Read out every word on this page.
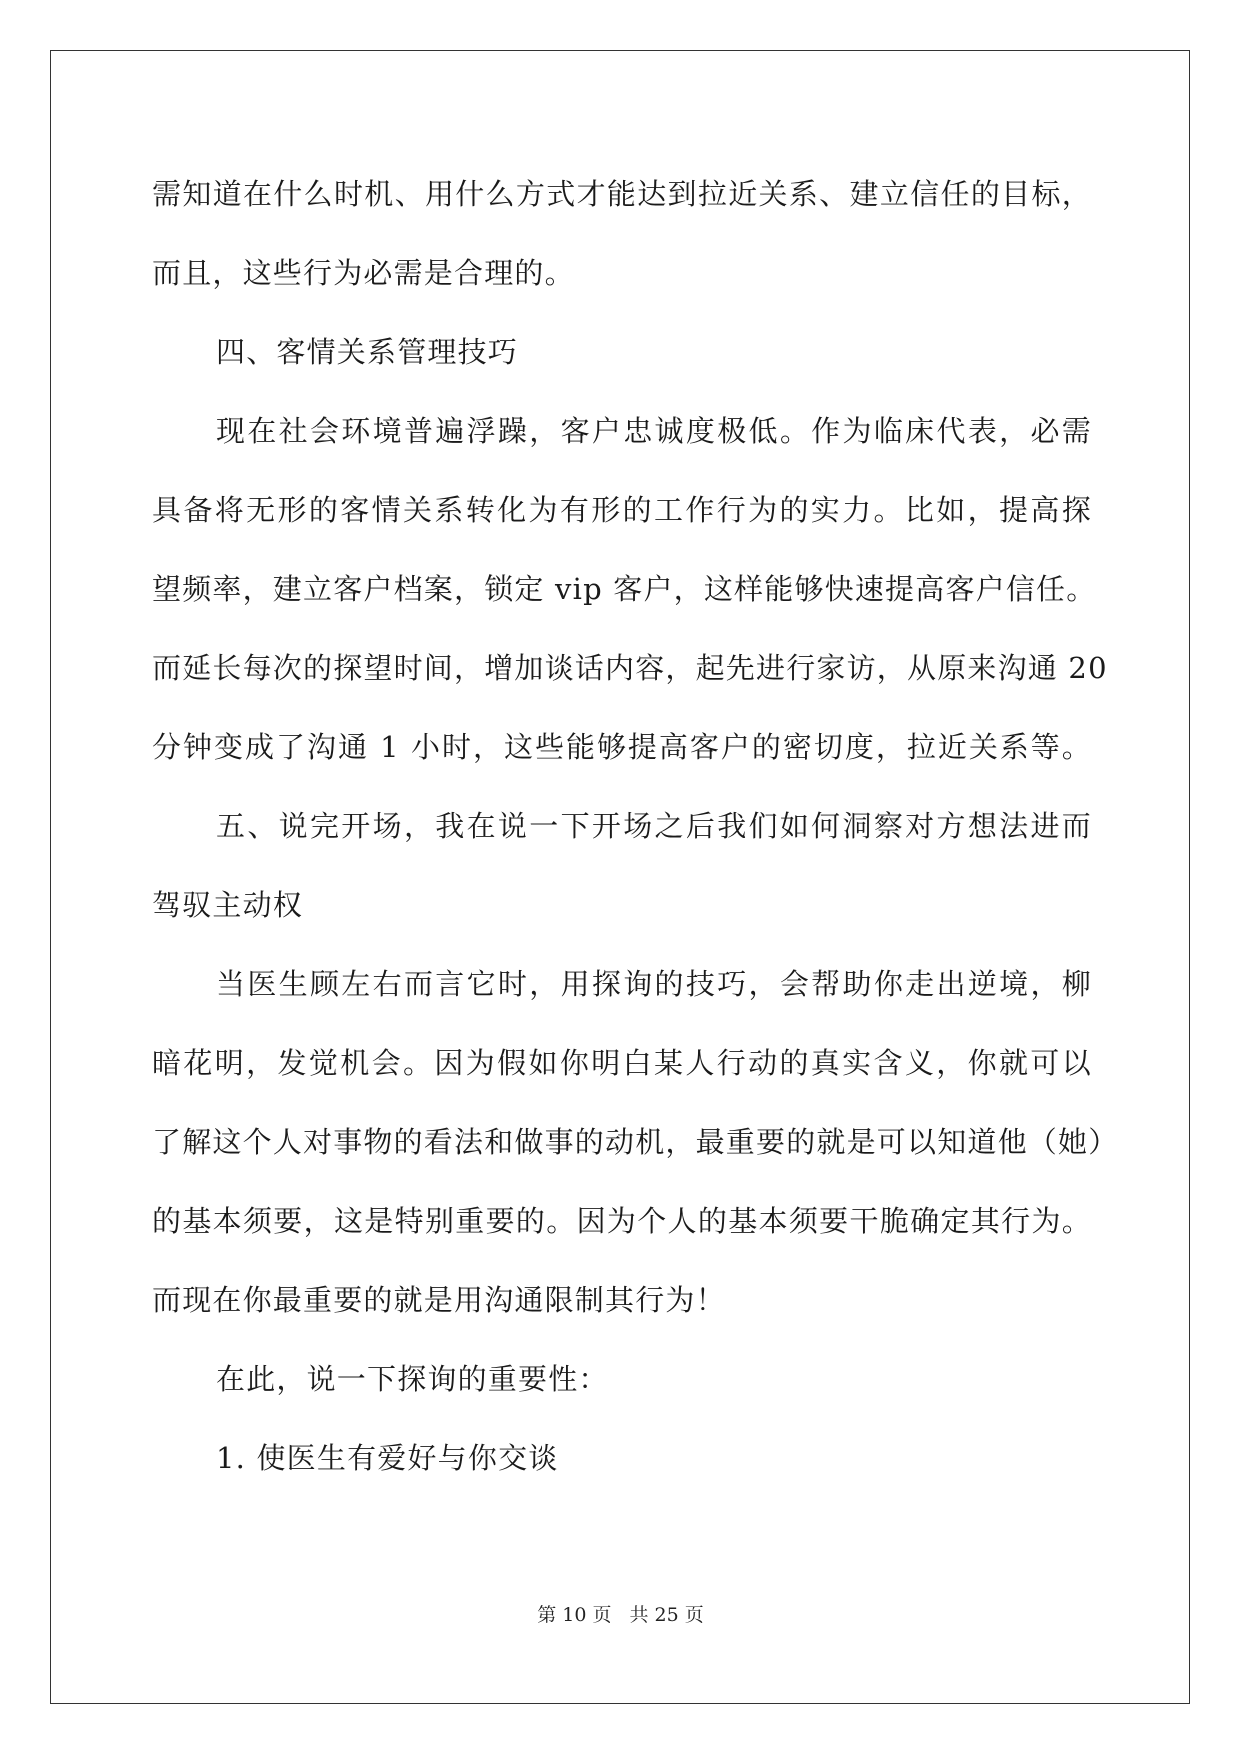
需知道在什么时机、用什么方式才能达到拉近关系、建立信任的目标，
而且，这些行为必需是合理的。
四、客情关系管理技巧
现在社会环境普遍浮躁，客户忠诚度极低。作为临床代表，必需
具备将无形的客情关系转化为有形的工作行为的实力。比如，提高探
望频率，建立客户档案，锁定 vip 客户，这样能够快速提高客户信任。
而延长每次的探望时间，增加谈话内容，起先进行家访，从原来沟通 20
分钟变成了沟通 1 小时，这些能够提高客户的密切度，拉近关系等。
五、说完开场，我在说一下开场之后我们如何洞察对方想法进而
驾驭主动权
当医生顾左右而言它时，用探询的技巧，会帮助你走出逆境，柳
暗花明，发觉机会。因为假如你明白某人行动的真实含义，你就可以
了解这个人对事物的看法和做事的动机，最重要的就是可以知道他（她）
的基本须要，这是特别重要的。因为个人的基本须要干脆确定其行为。
而现在你最重要的就是用沟通限制其行为！
在此，说一下探询的重要性：
1. 使医生有爱好与你交谈
第 10 页 共 25 页
